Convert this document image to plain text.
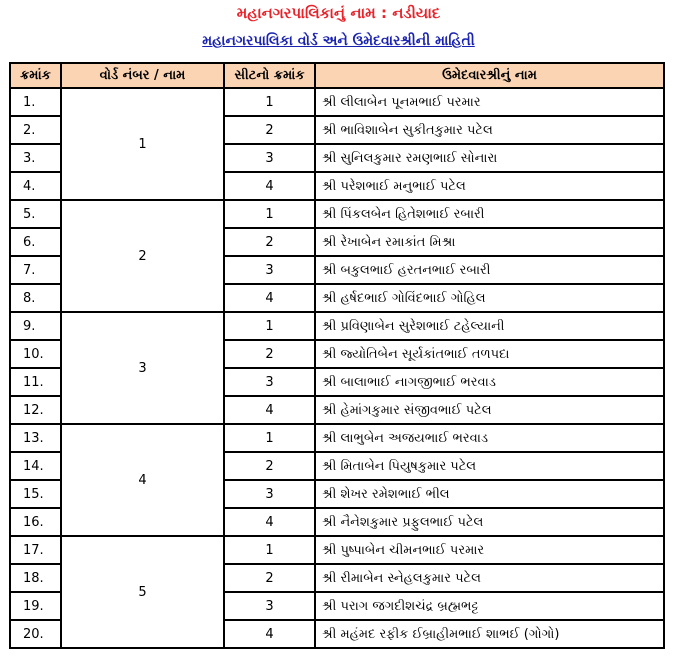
મહાનગરપાલિકાનું નામ : નડીયાદ
મહાનગરપાલિકા વોર્ડ અને ઉમેદવારશ્રીની માહિતી
ક્રમાંક	વોર્ડ નંબર / નામ	સીટનો ક્રમાંક	ઉમેદવારશ્રીનું નામ
1.	1	1	શ્રી લીલાબેન પૂનમભાઈ પરમાર
2.		2	શ્રી ભાવિશાબેન સુકીતકુમાર પટેલ
3.		3	શ્રી સુનિલકુમાર રમણભાઈ સોનારા
4.		4	શ્રી પરેશભાઈ મનુભાઈ પટેલ
5.	2	1	શ્રી પિંકલબેન હિતેશભાઈ રબારી
6.		2	શ્રી રેખાબેન રમાકાંત મિશ્રા
7.		3	શ્રી બકુલભાઈ હરતનભાઈ રબારી
8.		4	શ્રી હર્ષદભાઈ ગોવિંદભાઈ ગોહિલ
9.	3	1	શ્રી પ્રવિણાબેન સુરેશભાઈ ટહેલ્યાની
10.		2	શ્રી જ્યોતિબેન સૂર્યકાંતભાઈ તળપદા
11.		3	શ્રી બાલાભાઈ નાગજીભાઈ ભરવાડ
12.		4	શ્રી હેમાંગકુમાર સંજીવભાઈ પટેલ
13.	4	1	શ્રી લાભુબેન અજયભાઈ ભરવાડ
14.		2	શ્રી મિતાબેન પિયુષકુમાર પટેલ
15.		3	શ્રી શેખર રમેશભાઈ ભીલ
16.		4	શ્રી નૈનેશકુમાર પ્રફુલભાઈ પટેલ
17.	5	1	શ્રી પુષ્પાબેન ચીમનભાઈ પરમાર
18.		2	શ્રી રીમાબેન સ્નેહલકુમાર પટેલ
19.		3	શ્રી પરાગ જગદીશચંદ્ર બ્રહ્મભટ્ટ
20.		4	શ્રી મહંમદ રફીક ઈબ્રાહીમભાઈ શાભઈ (ગોગો)
